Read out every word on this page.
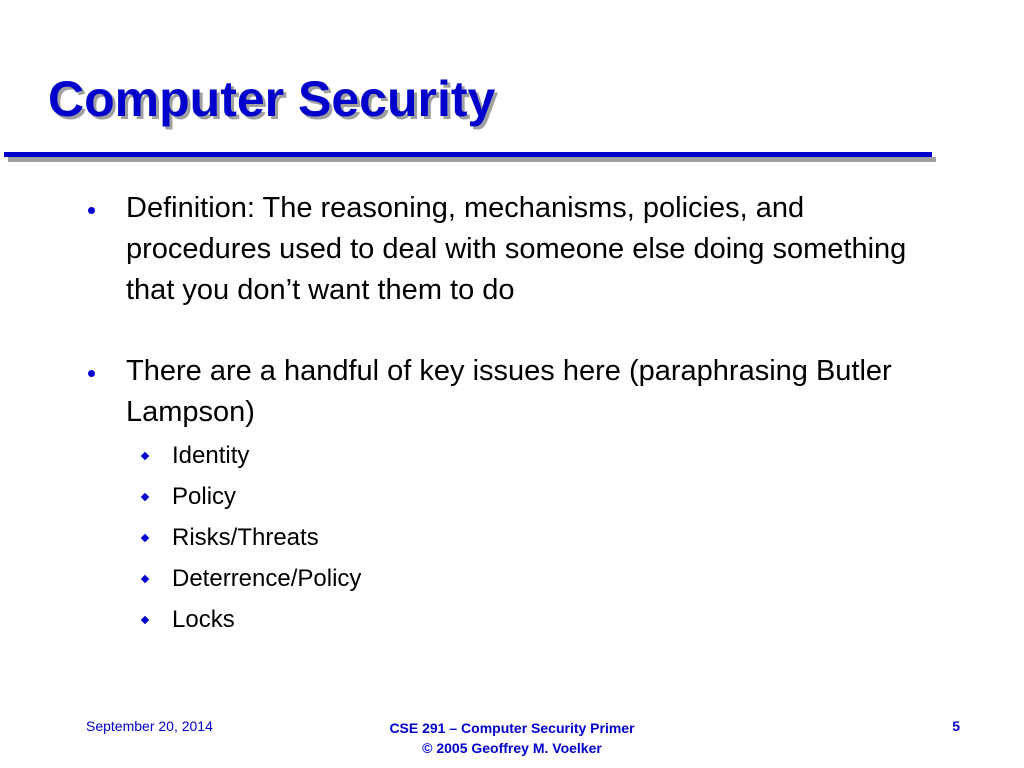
Computer Security
Definition: The reasoning, mechanisms, policies, and procedures used to deal with someone else doing something that you don’t want them to do
There are a handful of key issues here (paraphrasing Butler Lampson)
Identity
Policy
Risks/Threats
Deterrence/Policy
Locks
September 20, 2014	CSE 291 – Computer Security Primer
© 2005 Geoffrey M. Voelker
5
